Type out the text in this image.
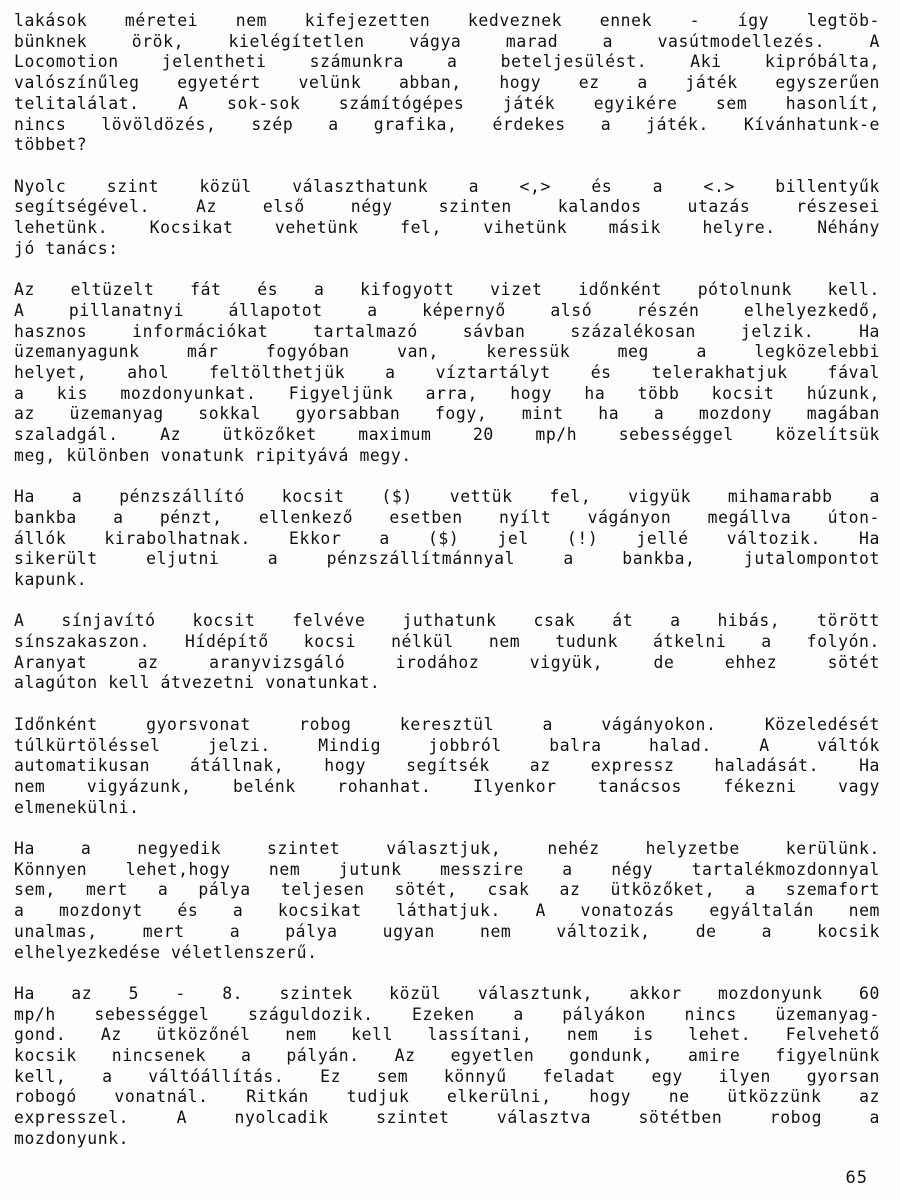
lakások méretei nem kifejezetten kedveznek ennek - így legtöb-
bünknek örök, kielégítetlen vágya marad a vasútmodellezés. A
Locomotion jelentheti számunkra a beteljesülést. Aki kipróbálta,
valószínűleg egyetért velünk abban, hogy ez a játék egyszerűen
telitalálat. A sok-sok számítógépes játék egyikére sem hasonlít,
nincs lövöldözés, szép a grafika, érdekes a játék. Kívánhatunk-e
többet?

Nyolc szint közül választhatunk a <,> és a <.> billentyűk
segítségével. Az első négy szinten kalandos utazás részesei
lehetünk. Kocsikat vehetünk fel, vihetünk másik helyre. Néhány
jó tanács:

Az eltüzelt fát és a kifogyott vizet időnként pótolnunk kell.
A pillanatnyi állapotot a képernyő alsó részén elhelyezkedő,
hasznos információkat tartalmazó sávban százalékosan jelzik. Ha
üzemanyagunk már fogyóban van, keressük meg a legközelebbi
helyet, ahol feltölthetjük a víztartályt és telerakhatjuk fával
a kis mozdonyunkat. Figyeljünk arra, hogy ha több kocsit húzunk,
az üzemanyag sokkal gyorsabban fogy, mint ha a mozdony magában
szaladgál. Az ütközőket maximum 20 mp/h sebességgel közelítsük
meg, különben vonatunk ripityává megy.

Ha a pénzszállító kocsit ($) vettük fel, vigyük mihamarabb a
bankba a pénzt, ellenkező esetben nyílt vágányon megállva úton-
állók kirabolhatnak. Ekkor a ($) jel (!) jellé változik. Ha
sikerült eljutni a pénzszállítmánnyal a bankba, jutalompontot
kapunk.

A sínjavító kocsit felvéve juthatunk csak át a hibás, törött
sínszakaszon. Hídépítő kocsi nélkül nem tudunk átkelni a folyón.
Aranyat az aranyvizsgáló irodához vigyük, de ehhez sötét
alagúton kell átvezetni vonatunkat.

Időnként gyorsvonat robog keresztül a vágányokon. Közeledését
túlkürtöléssel jelzi. Mindig jobbról balra halad. A váltók
automatikusan átállnak, hogy segítsék az expressz haladását. Ha
nem vigyázunk, belénk rohanhat. Ilyenkor tanácsos fékezni vagy
elmenekülni.

Ha a negyedik szintet választjuk, nehéz helyzetbe kerülünk.
Könnyen lehet,hogy nem jutunk messzire a négy tartalékmozdonnyal
sem, mert a pálya teljesen sötét, csak az ütközőket, a szemafort
a mozdonyt és a kocsikat láthatjuk. A vonatozás egyáltalán nem
unalmas, mert a pálya ugyan nem változik, de a kocsik
elhelyezkedése véletlenszerű.

Ha az 5 - 8. szintek közül választunk, akkor mozdonyunk 60
mp/h sebességgel száguldozik. Ezeken a pályákon nincs üzemanyag-
gond. Az ütközőnél nem kell lassítani, nem is lehet. Felvehető
kocsik nincsenek a pályán. Az egyetlen gondunk, amire figyelnünk
kell, a váltóállítás. Ez sem könnyű feladat egy ilyen gyorsan
robogó vonatnál. Ritkán tudjuk elkerülni, hogy ne ütközzünk az
expresszel. A nyolcadik szintet választva sötétben robog a
mozdonyunk.

65
